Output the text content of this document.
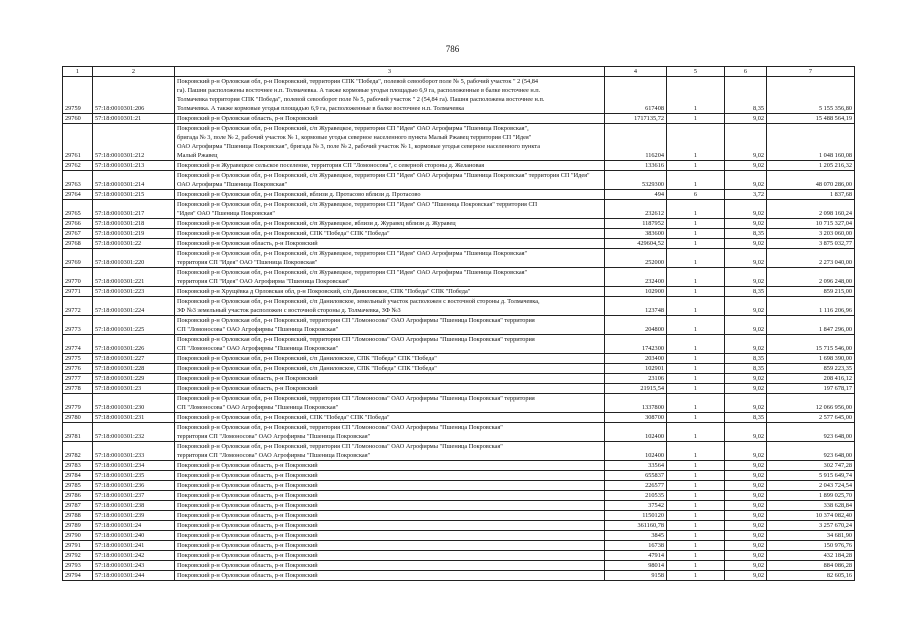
786
1	2	3	4	5	6	7
29759	57:18:0010301:206	Покровский р-н Орловская обл, р-н Покровский, территория СПК "Победа", полевой севооборот поле № 5, рабочий участок " 2 (54,84
га). Пашни расположены восточнее н.п. Толмачевка. А также кормовые угодья площадью 6,9 га, расположенные в балке восточнее н.п.
Толмачевка территория СПК "Победа", полевой севооборот поле № 5, рабочий участок " 2 (54,84 га). Пашня расположена восточнее н.п.
Толмачевка. А также кормовые угодья площадью 6,9 га, расположенные в балке восточнее н.п. Толмачевка	617408	1	8,35	5 155 356,80
29760	57:18:0010301:21	Покровский р-н Орловская область, р-н Покровский	1717135,72	1	9,02	15 488 564,19
29761	57:18:0010301:212	Покровский р-н Орловская обл, р-н Покровский, с/п Журавецкое, территория СП "Идея" ОАО Агрофирма "Пшеница Покровская",
бригада № 3, поле № 2, рабочий участок № 1, кормовые угодья северное населенного пункта Малый Ржавец территория СП "Идея"
ОАО Агрофирма "Пшеница Покровская", бригада № 3, поле № 2, рабочий участок № 1, кормовые угодья северное населенного пункта
Малый Ржавец	116204	1	9,02	1 048 160,08
29762	57:18:0010301:213	Покровский р-н Журавецкое сельское поселение, территория СП "Ломоносова", с северной стороны д. Желановая	133616	1	9,02	1 205 216,32
29763	57:18:0010301:214	Покровский р-н Орловская обл, р-н Покровский, с/п Журавецкое, территория СП "Идея" ОАО Агрофирма "Пшеница Покровская" территория СП "Идея"
ОАО Агрофирма "Пшеница Покровская"	5329300	1	9,02	48 070 286,00
29764	57:18:0010301:215	Покровский р-н Орловская обл, р-н Покровский, вблизи д. Протасово вблизи д. Протасово	494	6	3,72	1 837,68
29765	57:18:0010301:217	Покровский р-н Орловская обл, р-н Покровский, с/п Журавецкое, территория СП "Идея" ОАО "Пшеница Покровская" территория СП
"Идея" ОАО "Пшеница Покровская"	232612	1	9,02	2 098 160,24
29766	57:18:0010301:218	Покровский р-н Орловская обл, р-н Покровский, с/п Журавецкое, вблизи д. Журавец вблизи д. Журавец	1187952	1	9,02	10 715 327,04
29767	57:18:0010301:219	Покровский р-н Орловская обл, р-н Покровский, СПК "Победа" СПК "Победа"	383600	1	8,35	3 203 060,00
29768	57:18:0010301:22	Покровский р-н Орловская область, р-н Покровский	429604,52	1	9,02	3 875 032,77
29769	57:18:0010301:220	Покровский р-н Орловская обл, р-н Покровский, с/п Журавецкое, территория СП "Идея" ОАО Агрофирма "Пшеница Покровская"
территория СП "Идея" ОАО "Пшеница Покровская"	252000	1	9,02	2 273 040,00
29770	57:18:0010301:221	Покровский р-н Орловская обл, р-н Покровский, с/п Журавецкое, территория СП "Идея" ОАО Агрофирма "Пшеница Покровская"
территория СП "Идея" ОАО Агрофирма "Пшеница Покровская"	232400	1	9,02	2 096 248,00
29771	57:18:0010301:223	Покровский р-н Хрущёвка д Орловская обл, р-н Покровский, с/п Даниловское, СПК "Победа" СПК "Победа"	102900	1	8,35	859 215,00
29772	57:18:0010301:224	Покровский р-н Орловская обл, р-н Покровский, с/п Даниловское, земельный участок расположен с восточной стороны д. Толмачевка,
ЗФ №3 земельный участок расположен с восточной стороны д. Толмачевка, ЗФ №3	123748	1	9,02	1 116 206,96
29773	57:18:0010301:225	Покровский р-н Орловская обл, р-н Покровский, территория СП "Ломоносова" ОАО Агрофирмы "Пшеница Покровская" территория
СП "Ломоносова" ОАО Агрофирмы "Пшеница Покровская"	204800	1	9,02	1 847 296,00
29774	57:18:0010301:226	Покровский р-н Орловская обл, р-н Покровский, территория СП "Ломоносова" ОАО Агрофирмы "Пшеница Покровская" территория
СП "Ломоносова" ОАО Агрофирмы "Пшеница Покровская"	1742300	1	9,02	15 715 546,00
29775	57:18:0010301:227	Покровский р-н Орловская обл, р-н Покровский, с/п Даниловское, СПК "Победа" СПК "Победа"	203400	1	8,35	1 698 390,00
29776	57:18:0010301:228	Покровский р-н Орловская обл, р-н Покровский, с/п Даниловское, СПК "Победа" СПК "Победа"	102901	1	8,35	859 223,35
29777	57:18:0010301:229	Покровский р-н Орловская область, р-н Покровский	23106	1	9,02	208 416,12
29778	57:18:0010301:23	Покровский р-н Орловская область, р-н Покровский	21915,54	1	9,02	197 678,17
29779	57:18:0010301:230	Покровский р-н Орловская обл, р-н Покровский, территория СП "Ломоносова" ОАО Агрофирмы "Пшеница Покровская" территория
СП "Ломоносова" ОАО Агрофирмы "Пшеница Покровская"	1337800	1	9,02	12 066 956,00
29780	57:18:0010301:231	Покровский р-н Орловская обл, р-н Покровский, СПК "Победа" СПК "Победа"	308700	1	8,35	2 577 645,00
29781	57:18:0010301:232	Покровский р-н Орловская обл, р-н Покровский, территория СП "Ломоносова" ОАО Агрофирмы "Пшеница Покровская"
территория СП "Ломоносова" ОАО Агрофирмы "Пшеница Покровская"	102400	1	9,02	923 648,00
29782	57:18:0010301:233	Покровский р-н Орловская обл, р-н Покровский, территория СП "Ломоносова" ОАО Агрофирмы "Пшеница Покровская"
территория СП "Ломоносова" ОАО Агрофирмы "Пшеница Покровская"	102400	1	9,02	923 648,00
29783	57:18:0010301:234	Покровский р-н Орловская область, р-н Покровский	33564	1	9,02	302 747,28
29784	57:18:0010301:235	Покровский р-н Орловская область, р-н Покровский	655837	1	9,02	5 915 649,74
29785	57:18:0010301:236	Покровский р-н Орловская область, р-н Покровский	226577	1	9,02	2 043 724,54
29786	57:18:0010301:237	Покровский р-н Орловская область, р-н Покровский	210535	1	9,02	1 899 025,70
29787	57:18:0010301:238	Покровский р-н Орловская область, р-н Покровский	37542	1	9,02	338 628,84
29788	57:18:0010301:239	Покровский р-н Орловская область, р-н Покровский	1150120	1	9,02	10 374 082,40
29789	57:18:0010301:24	Покровский р-н Орловская область, р-н Покровский	361160,78	1	9,02	3 257 670,24
29790	57:18:0010301:240	Покровский р-н Орловская область, р-н Покровский	3845	1	9,02	34 681,90
29791	57:18:0010301:241	Покровский р-н Орловская область, р-н Покровский	16738	1	9,02	150 976,76
29792	57:18:0010301:242	Покровский р-н Орловская область, р-н Покровский	47914	1	9,02	432 184,28
29793	57:18:0010301:243	Покровский р-н Орловская область, р-н Покровский	98014	1	9,02	884 086,28
29794	57:18:0010301:244	Покровский р-н Орловская область, р-н Покровский	9158	1	9,02	82 605,16
